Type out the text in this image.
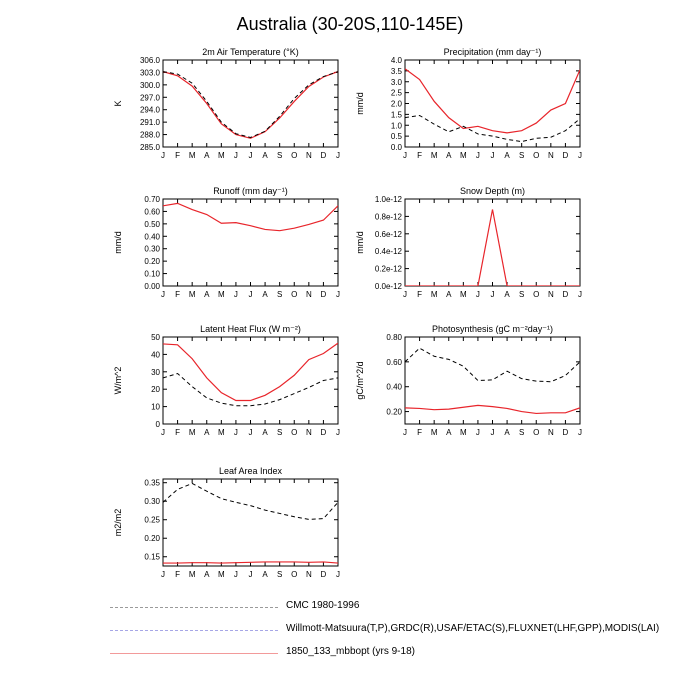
Australia (30-20S,110-145E)
2m Air Temperature (°K)
K
285.0
288.0
291.0
294.0
297.0
300.0
303.0
306.0
J F M A M J J A S O N D J
Precipitation (mm day⁻¹)
mm/d
0.0
0.5
1.0
1.5
2.0
2.5
3.0
3.5
4.0
J F M A M J J A S O N D J
Runoff (mm day⁻¹)
mm/d
0.00
0.10
0.20
0.30
0.40
0.50
0.60
0.70
J F M A M J J A S O N D J
Snow Depth (m)
mm/d
0.0e-12
0.2e-12
0.4e-12
0.6e-12
0.8e-12
1.0e-12
J F M A M J J A S O N D J
Latent Heat Flux (W m⁻²)
W/m^2
0
10
20
30
40
50
J F M A M J J A S O N D J
Photosynthesis (gC m⁻²day⁻¹)
gC/m^2/d
0.20
0.40
0.60
0.80
J F M A M J J A S O N D J
Leaf Area Index
m2/m2
0.15
0.20
0.25
0.30
0.35
J F M A M J J A S O N D J
CMC 1980-1996
Willmott-Matsuura(T,P),GRDC(R),USAF/ETAC(S),FLUXNET(LHF,GPP),MODIS(LAI)
1850_133_mbbopt (yrs 9-18)
